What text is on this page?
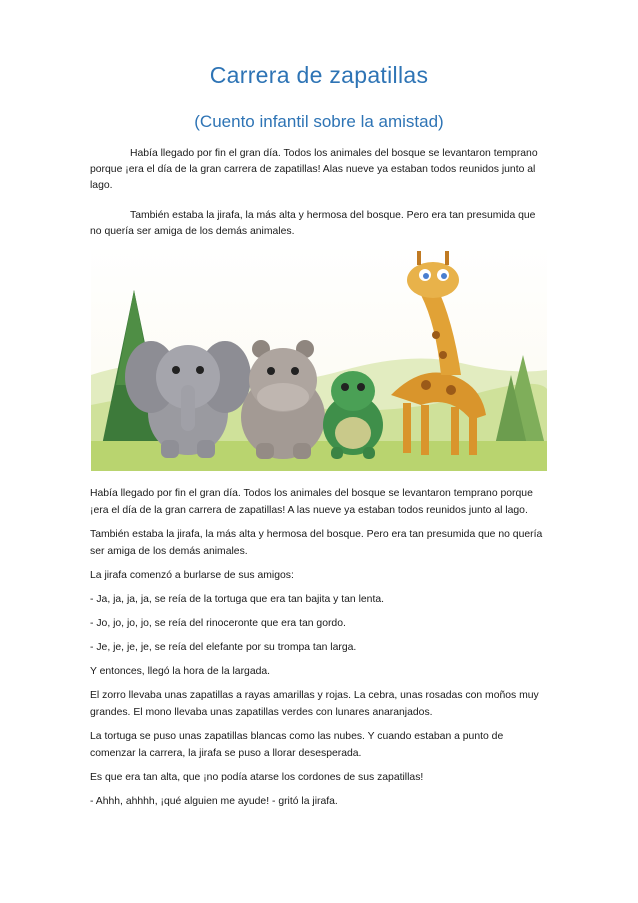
Carrera de zapatillas
(Cuento infantil sobre la amistad)

Había llegado por fin el gran día. Todos los animales del bosque se levantaron temprano porque ¡era el día de la gran carrera de zapatillas! Alas nueve ya estaban todos reunidos junto al lago.

También estaba la jirafa, la más alta y hermosa del bosque. Pero era tan presumida que no quería ser amiga de los demás animales.

Había llegado por fin el gran día. Todos los animales del bosque se levantaron temprano porque ¡era el día de la gran carrera de zapatillas! A las nueve ya estaban todos reunidos junto al lago.

También estaba la jirafa, la más alta y hermosa del bosque. Pero era tan presumida que no quería ser amiga de los demás animales.

La jirafa comenzó a burlarse de sus amigos:

- Ja, ja, ja, ja, se reía de la tortuga que era tan bajita y tan lenta.

- Jo, jo, jo, jo, se reía del rinoceronte que era tan gordo.

- Je, je, je, je, se reía del elefante por su trompa tan larga.

Y entonces, llegó la hora de la largada.

El zorro llevaba unas zapatillas a rayas amarillas y rojas. La cebra, unas rosadas con moños muy grandes. El mono llevaba unas zapatillas verdes con lunares anaranjados.

La tortuga se puso unas zapatillas blancas como las nubes. Y cuando estaban a punto de comenzar la carrera, la jirafa se puso a llorar desesperada.

Es que era tan alta, que ¡no podía atarse los cordones de sus zapatillas!

- Ahhh, ahhhh, ¡qué alguien me ayude! - gritó la jirafa.
